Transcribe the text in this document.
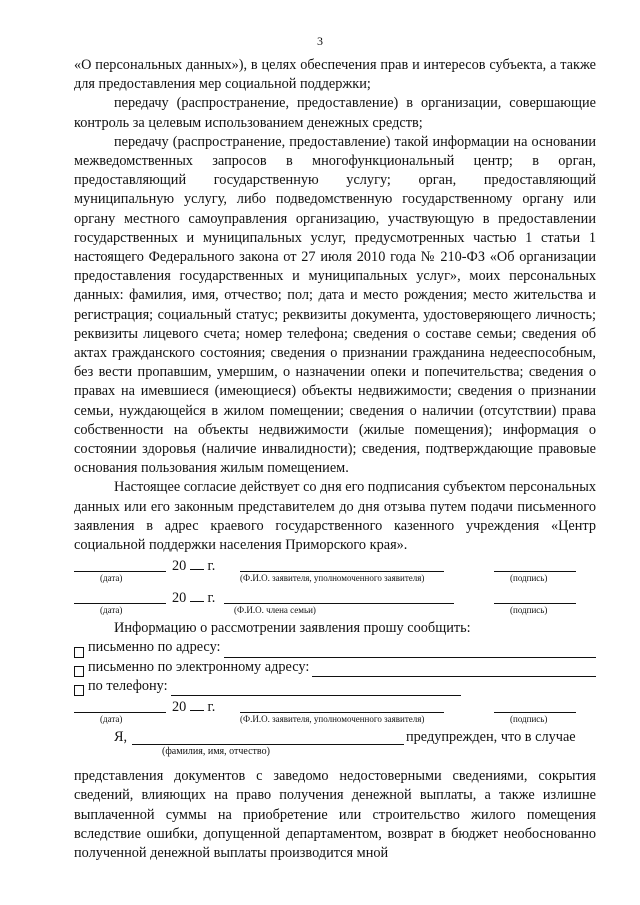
3

«О персональных данных»), в целях обеспечения прав и интересов субъекта, а также для предоставления мер социальной поддержки;

передачу (распространение, предоставление) в организации, совершающие контроль за целевым использованием денежных средств;

передачу (распространение, предоставление) такой информации на основании межведомственных запросов в многофункциональный центр; в орган, предоставляющий государственную услугу; орган, предоставляющий муниципальную услугу, либо подведомственную государственному органу или органу местного самоуправления организацию, участвующую в предоставлении государственных и муниципальных услуг, предусмотренных частью 1 статьи 1 настоящего Федерального закона от 27 июля 2010 года № 210-ФЗ «Об организации предоставления государственных и муниципальных услуг», моих персональных данных: фамилия, имя, отчество; пол; дата и место рождения; место жительства и регистрация; социальный статус; реквизиты документа, удостоверяющего личность; реквизиты лицевого счета; номер телефона; сведения о составе семьи; сведения об актах гражданского состояния; сведения о признании гражданина недееспособным, без вести пропавшим, умершим, о назначении опеки и попечительства; сведения о правах на имевшиеся (имеющиеся) объекты недвижимости; сведения о признании семьи, нуждающейся в жилом помещении; сведения о наличии (отсутствии) права собственности на объекты недвижимости (жилые помещения); информация о состоянии здоровья (наличие инвалидности); сведения, подтверждающие правовые основания пользования жилым помещением.

Настоящее согласие действует со дня его подписания субъектом персональных данных или его законным представителем до дня отзыва путем подачи письменного заявления в адрес краевого государственного казенного учреждения «Центр социальной поддержки населения Приморского края».

20 г.
(дата)	(Ф.И.О. заявителя, уполномоченного заявителя)	(подпись)
20 г.
(дата)	(Ф.И.О. члена семьи)	(подпись)

Информацию о рассмотрении заявления прошу сообщить:

письменно по адресу:
письменно по электронному адресу:
по телефону:
20 г.
(дата)	(Ф.И.О. заявителя, уполномоченного заявителя)	(подпись)
Я,	предупрежден, что в случае
(фамилия, имя, отчество)

представления документов с заведомо недостоверными сведениями, сокрытия сведений, влияющих на право получения денежной выплаты, а также излишне выплаченной суммы на приобретение или строительство жилого помещения вследствие ошибки, допущенной департаментом, возврат в бюджет необоснованно полученной денежной выплаты производится мной
